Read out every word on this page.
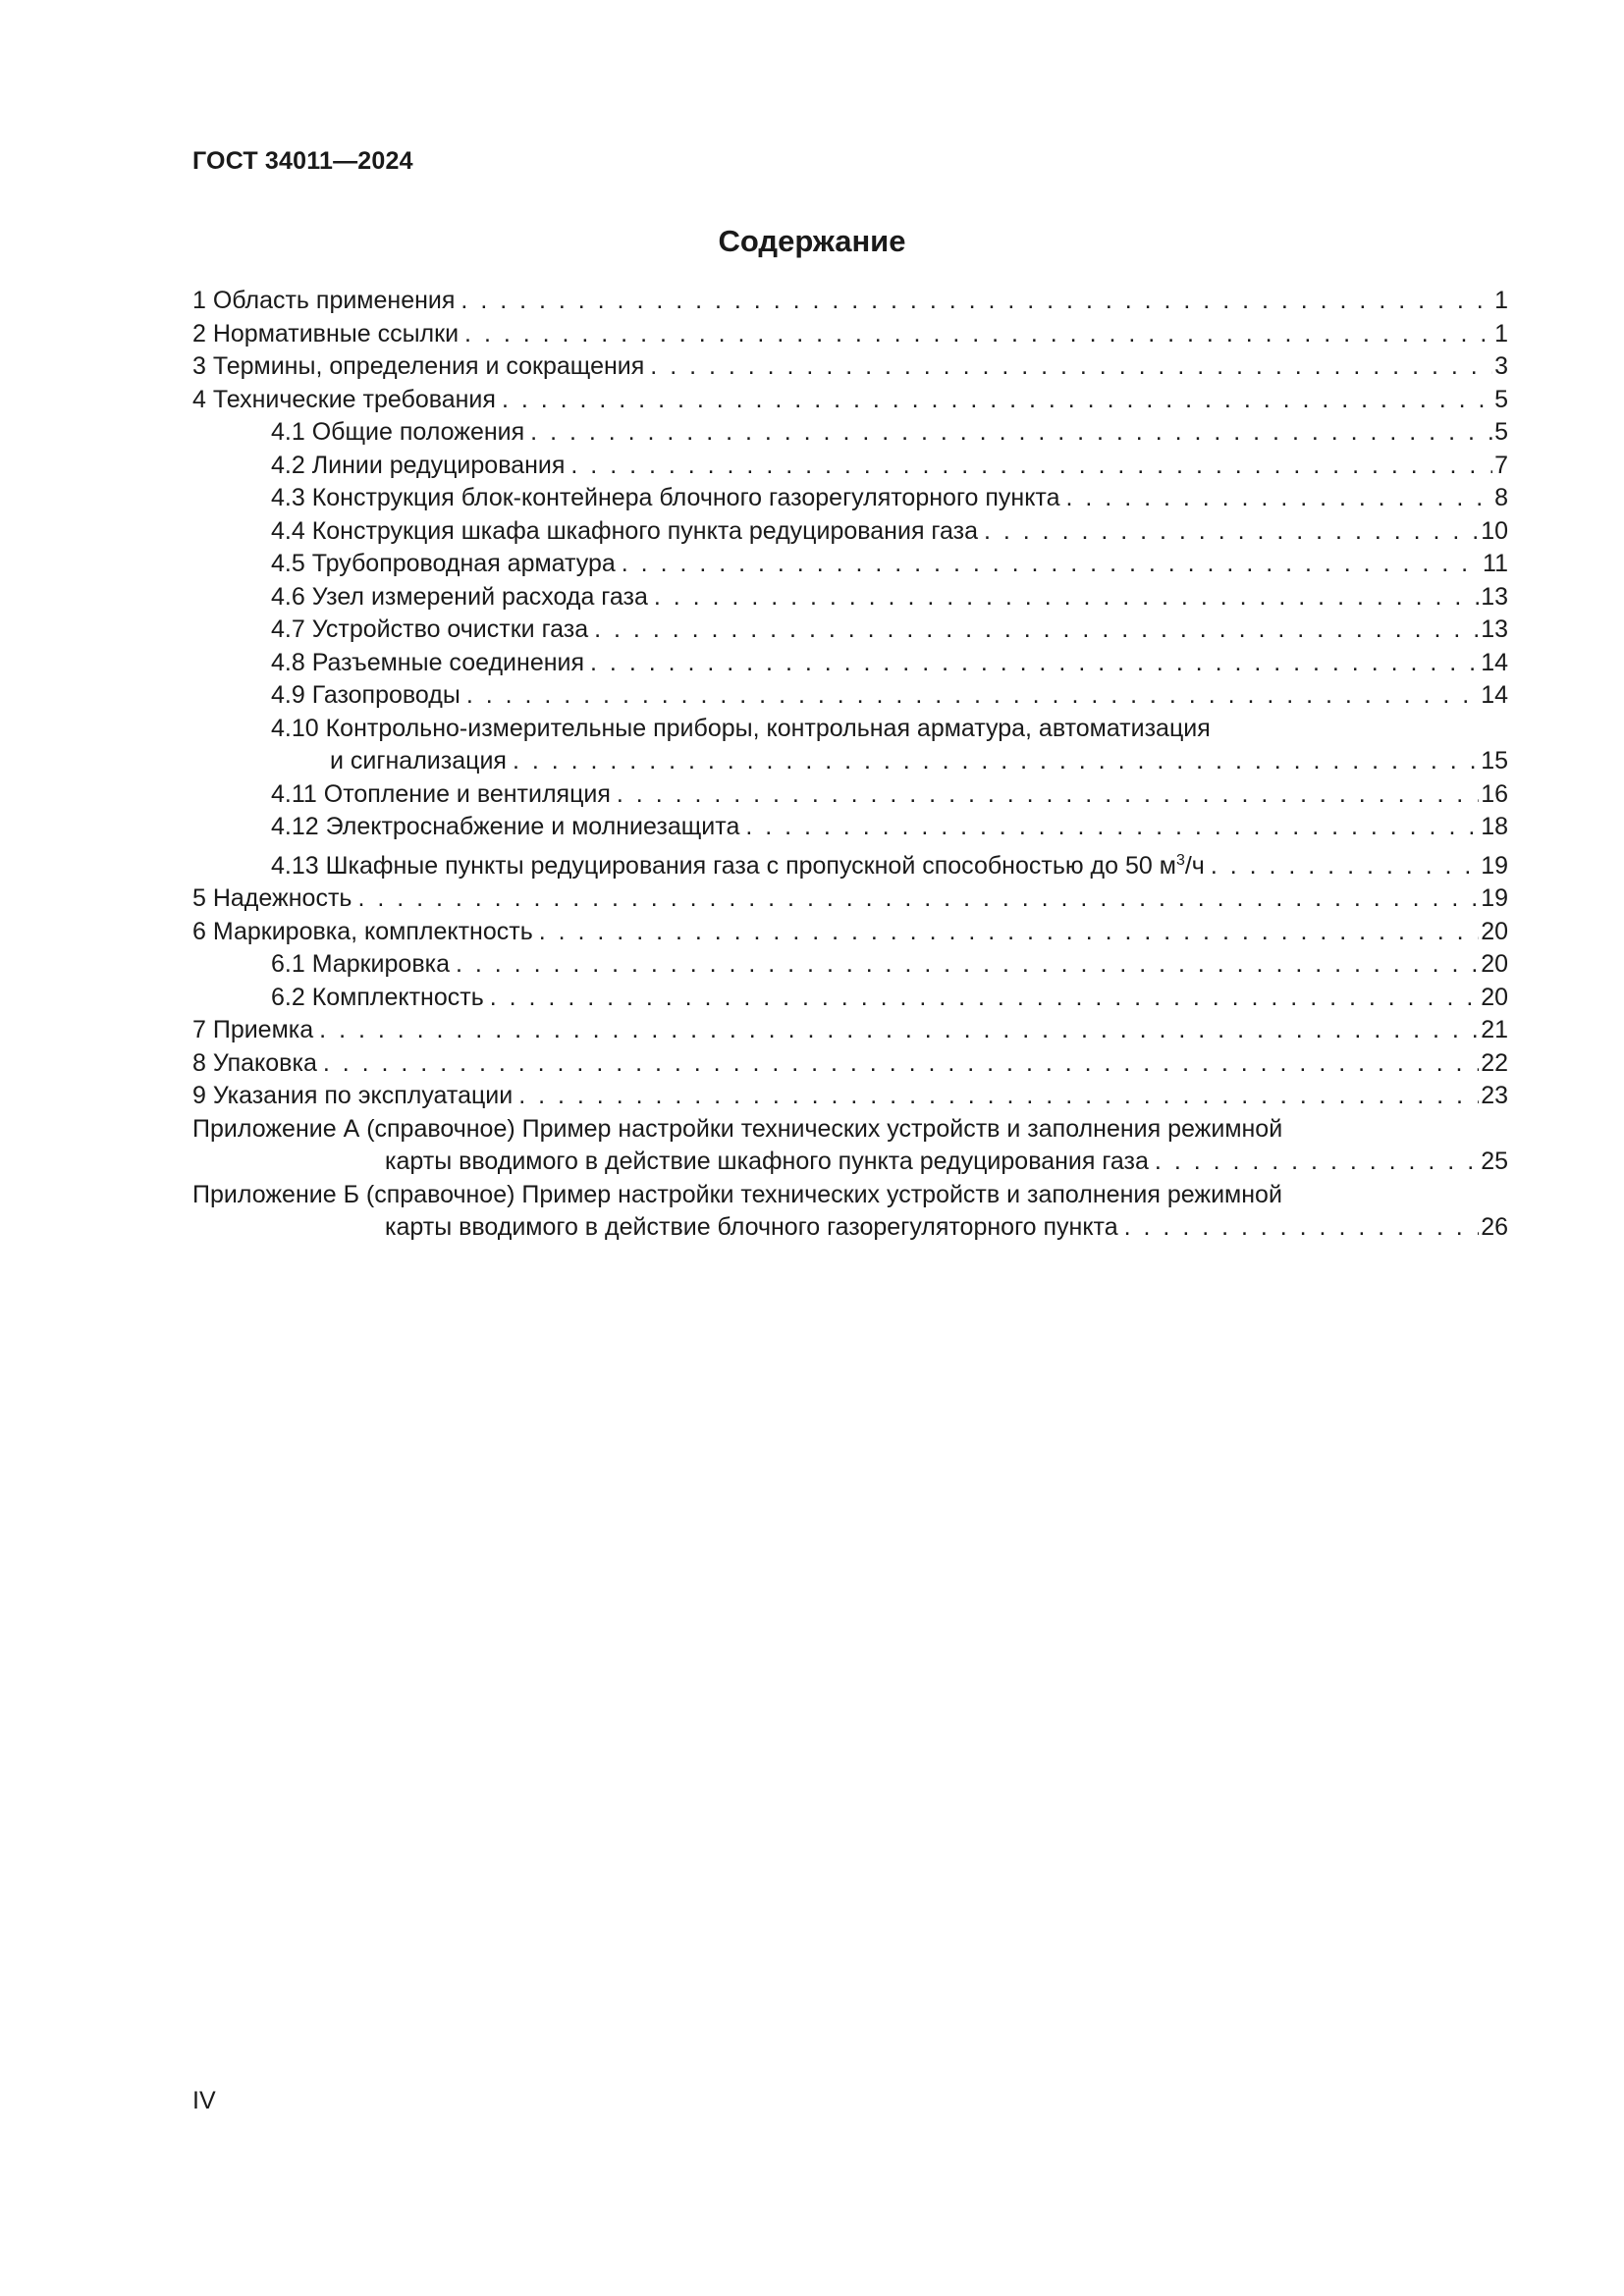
ГОСТ 34011—2024
Содержание
1 Область применения . . .	1
2 Нормативные ссылки . . .	1
3 Термины, определения и сокращения . . .	3
4 Технические требования . . .	5
4.1 Общие положения . . .	5
4.2 Линии редуцирования . . .	7
4.3 Конструкция блок-контейнера блочного газорегуляторного пункта . . .	8
4.4 Конструкция шкафа шкафного пункта редуцирования газа . . .	10
4.5 Трубопроводная арматура . . .	11
4.6 Узел измерений расхода газа . . .	13
4.7 Устройство очистки газа . . .	13
4.8 Разъемные соединения . . .	14
4.9 Газопроводы . . .	14
4.10 Контрольно-измерительные приборы, контрольная арматура, автоматизация
и сигнализация . . .	15
4.11 Отопление и вентиляция . . .	16
4.12 Электроснабжение и молниезащита . . .	18
4.13 Шкафные пункты редуцирования газа с пропускной способностью до 50 $м^3/ч$ . . .	19
5 Надежность . . .	19
6 Маркировка, комплектность . . .	20
6.1 Маркировка . . .	20
6.2 Комплектность . . .	20
7 Приемка . . .	21
8 Упаковка . . .	22
9 Указания по эксплуатации . . .	23
Приложение А (справочное) Пример настройки технических устройств и заполнения режимной
карты вводимого в действие шкафного пункта редуцирования газа . . .	25
Приложение Б (справочное) Пример настройки технических устройств и заполнения режимной
карты вводимого в действие блочного газорегуляторного пункта . . .	26
IV
